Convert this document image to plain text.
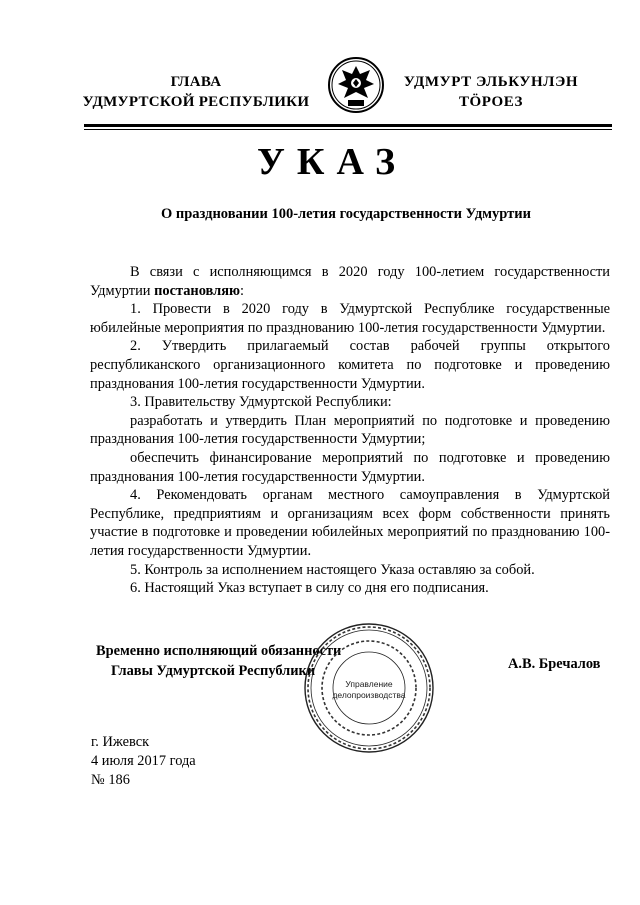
ГЛАВА
УДМУРТСКОЙ РЕСПУБЛИКИ
УДМУРТ ЭЛЬКУНЛЭН
ТӦРОЕЗ
УКАЗ
О праздновании 100-летия государственности Удмуртии

В связи с исполняющимся в 2020 году 100-летием государственности Удмуртии постановляю:

1. Провести в 2020 году в Удмуртской Республике государственные юбилейные мероприятия по празднованию 100-летия государственности Удмуртии.

2. Утвердить прилагаемый состав рабочей группы открытого республиканского организационного комитета по подготовке и проведению празднования 100-летия государственности Удмуртии.

3. Правительству Удмуртской Республики:

разработать и утвердить План мероприятий по подготовке и проведению празднования 100-летия государственности Удмуртии;

обеспечить финансирование мероприятий по подготовке и проведению празднования 100-летия государственности Удмуртии.

4. Рекомендовать органам местного самоуправления в Удмуртской Республике, предприятиям и организациям всех форм собственности принять участие в подготовке и проведении юбилейных мероприятий по празднованию 100-летия государственности Удмуртии.

5. Контроль за исполнением настоящего Указа оставляю за собой.

6. Настоящий Указ вступает в силу со дня его подписания.

Временно исполняющий обязанности
Главы Удмуртской Республики
Управление
делопроизводства
А.В. Бречалов
г. Ижевск
4 июля 2017 года
№ 186
